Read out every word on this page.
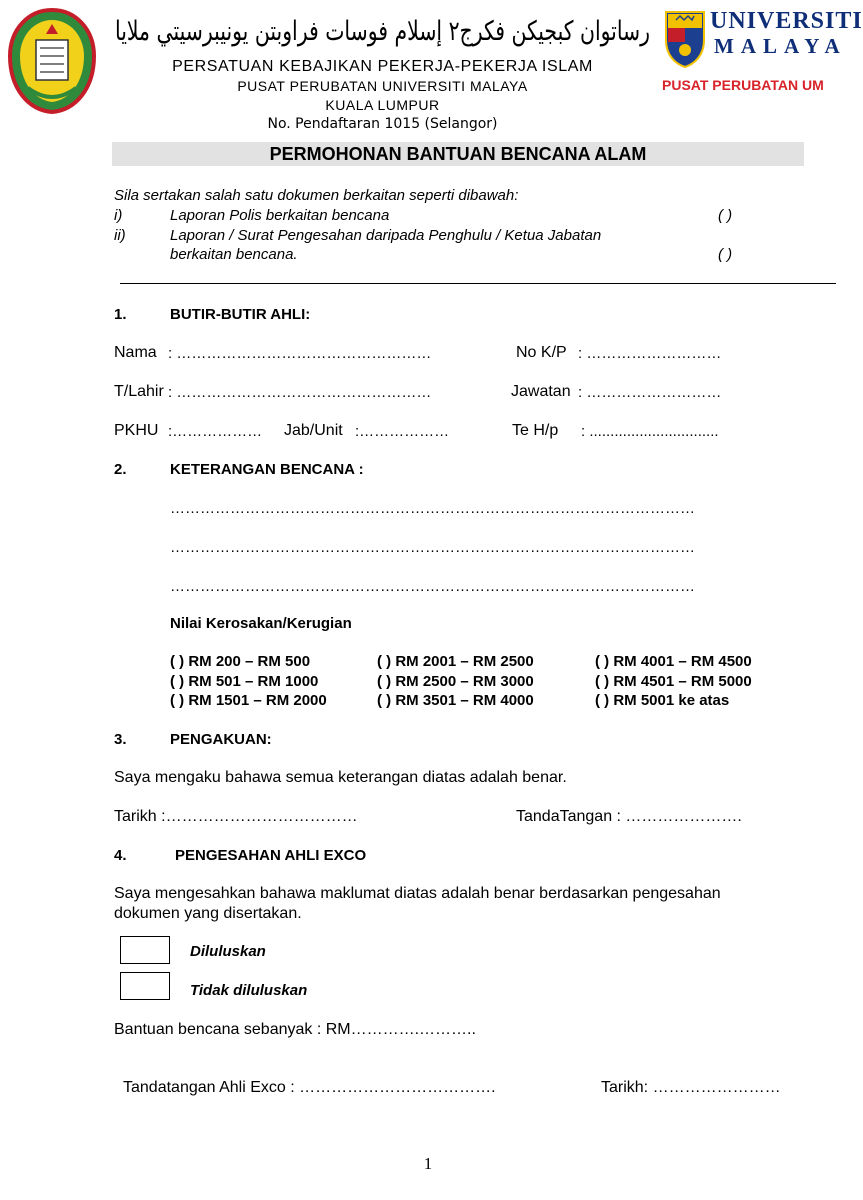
رساتوان کبجيکن فکرج٢ إسلام فوسات فراوبتن يونيبرسيتي ملايا
PERSATUAN KEBAJIKAN PEKERJA-PEKERJA ISLAM
PUSAT PERUBATAN UNIVERSITI MALAYA
KUALA LUMPUR
No. Pendaftaran 1015 (Selangor)
UNIVERSITI
MALAYA
PUSAT PERUBATAN UM
PERMOHONAN BANTUAN BENCANA ALAM
Sila sertakan salah satu dokumen berkaitan seperti dibawah:
i)	Laporan Polis berkaitan bencana	( )
ii)	Laporan / Surat Pengesahan daripada Penghulu / Ketua Jabatan
berkaitan bencana.	( )
1.	BUTIR-BUTIR AHLI:
Nama : ……………………………………………	No K/P : ………………………
T/Lahir : ……………………………………………	Jawatan : ………………………
PKHU :……………… Jab/Unit :………………	Te H/p : ...............................
2.	KETERANGAN BENCANA :
……………………………………………………………………………………………
……………………………………………………………………………………………
……………………………………………………………………………………………
Nilai Kerosakan/Kerugian
( ) RM 200 – RM 500	( ) RM 2001 – RM 2500	( ) RM 4001 – RM 4500
( ) RM 501 – RM 1000	( ) RM 2500 – RM 3000	( ) RM 4501 – RM 5000
( ) RM 1501 – RM 2000	( ) RM 3501 – RM 4000	( ) RM 5001 ke atas
3.	PENGAKUAN:
Saya mengaku bahawa semua keterangan diatas adalah benar.
Tarikh :………………………………	TandaTangan : ………………….
4.	PENGESAHAN AHLI EXCO
Saya mengesahkan bahawa maklumat diatas adalah benar berdasarkan pengesahan
dokumen yang disertakan.
Diluluskan
Tidak diluluskan
Bantuan bencana sebanyak : RM………….………..
Tandatangan Ahli Exco : ……………………………….	Tarikh: ……………………
1
